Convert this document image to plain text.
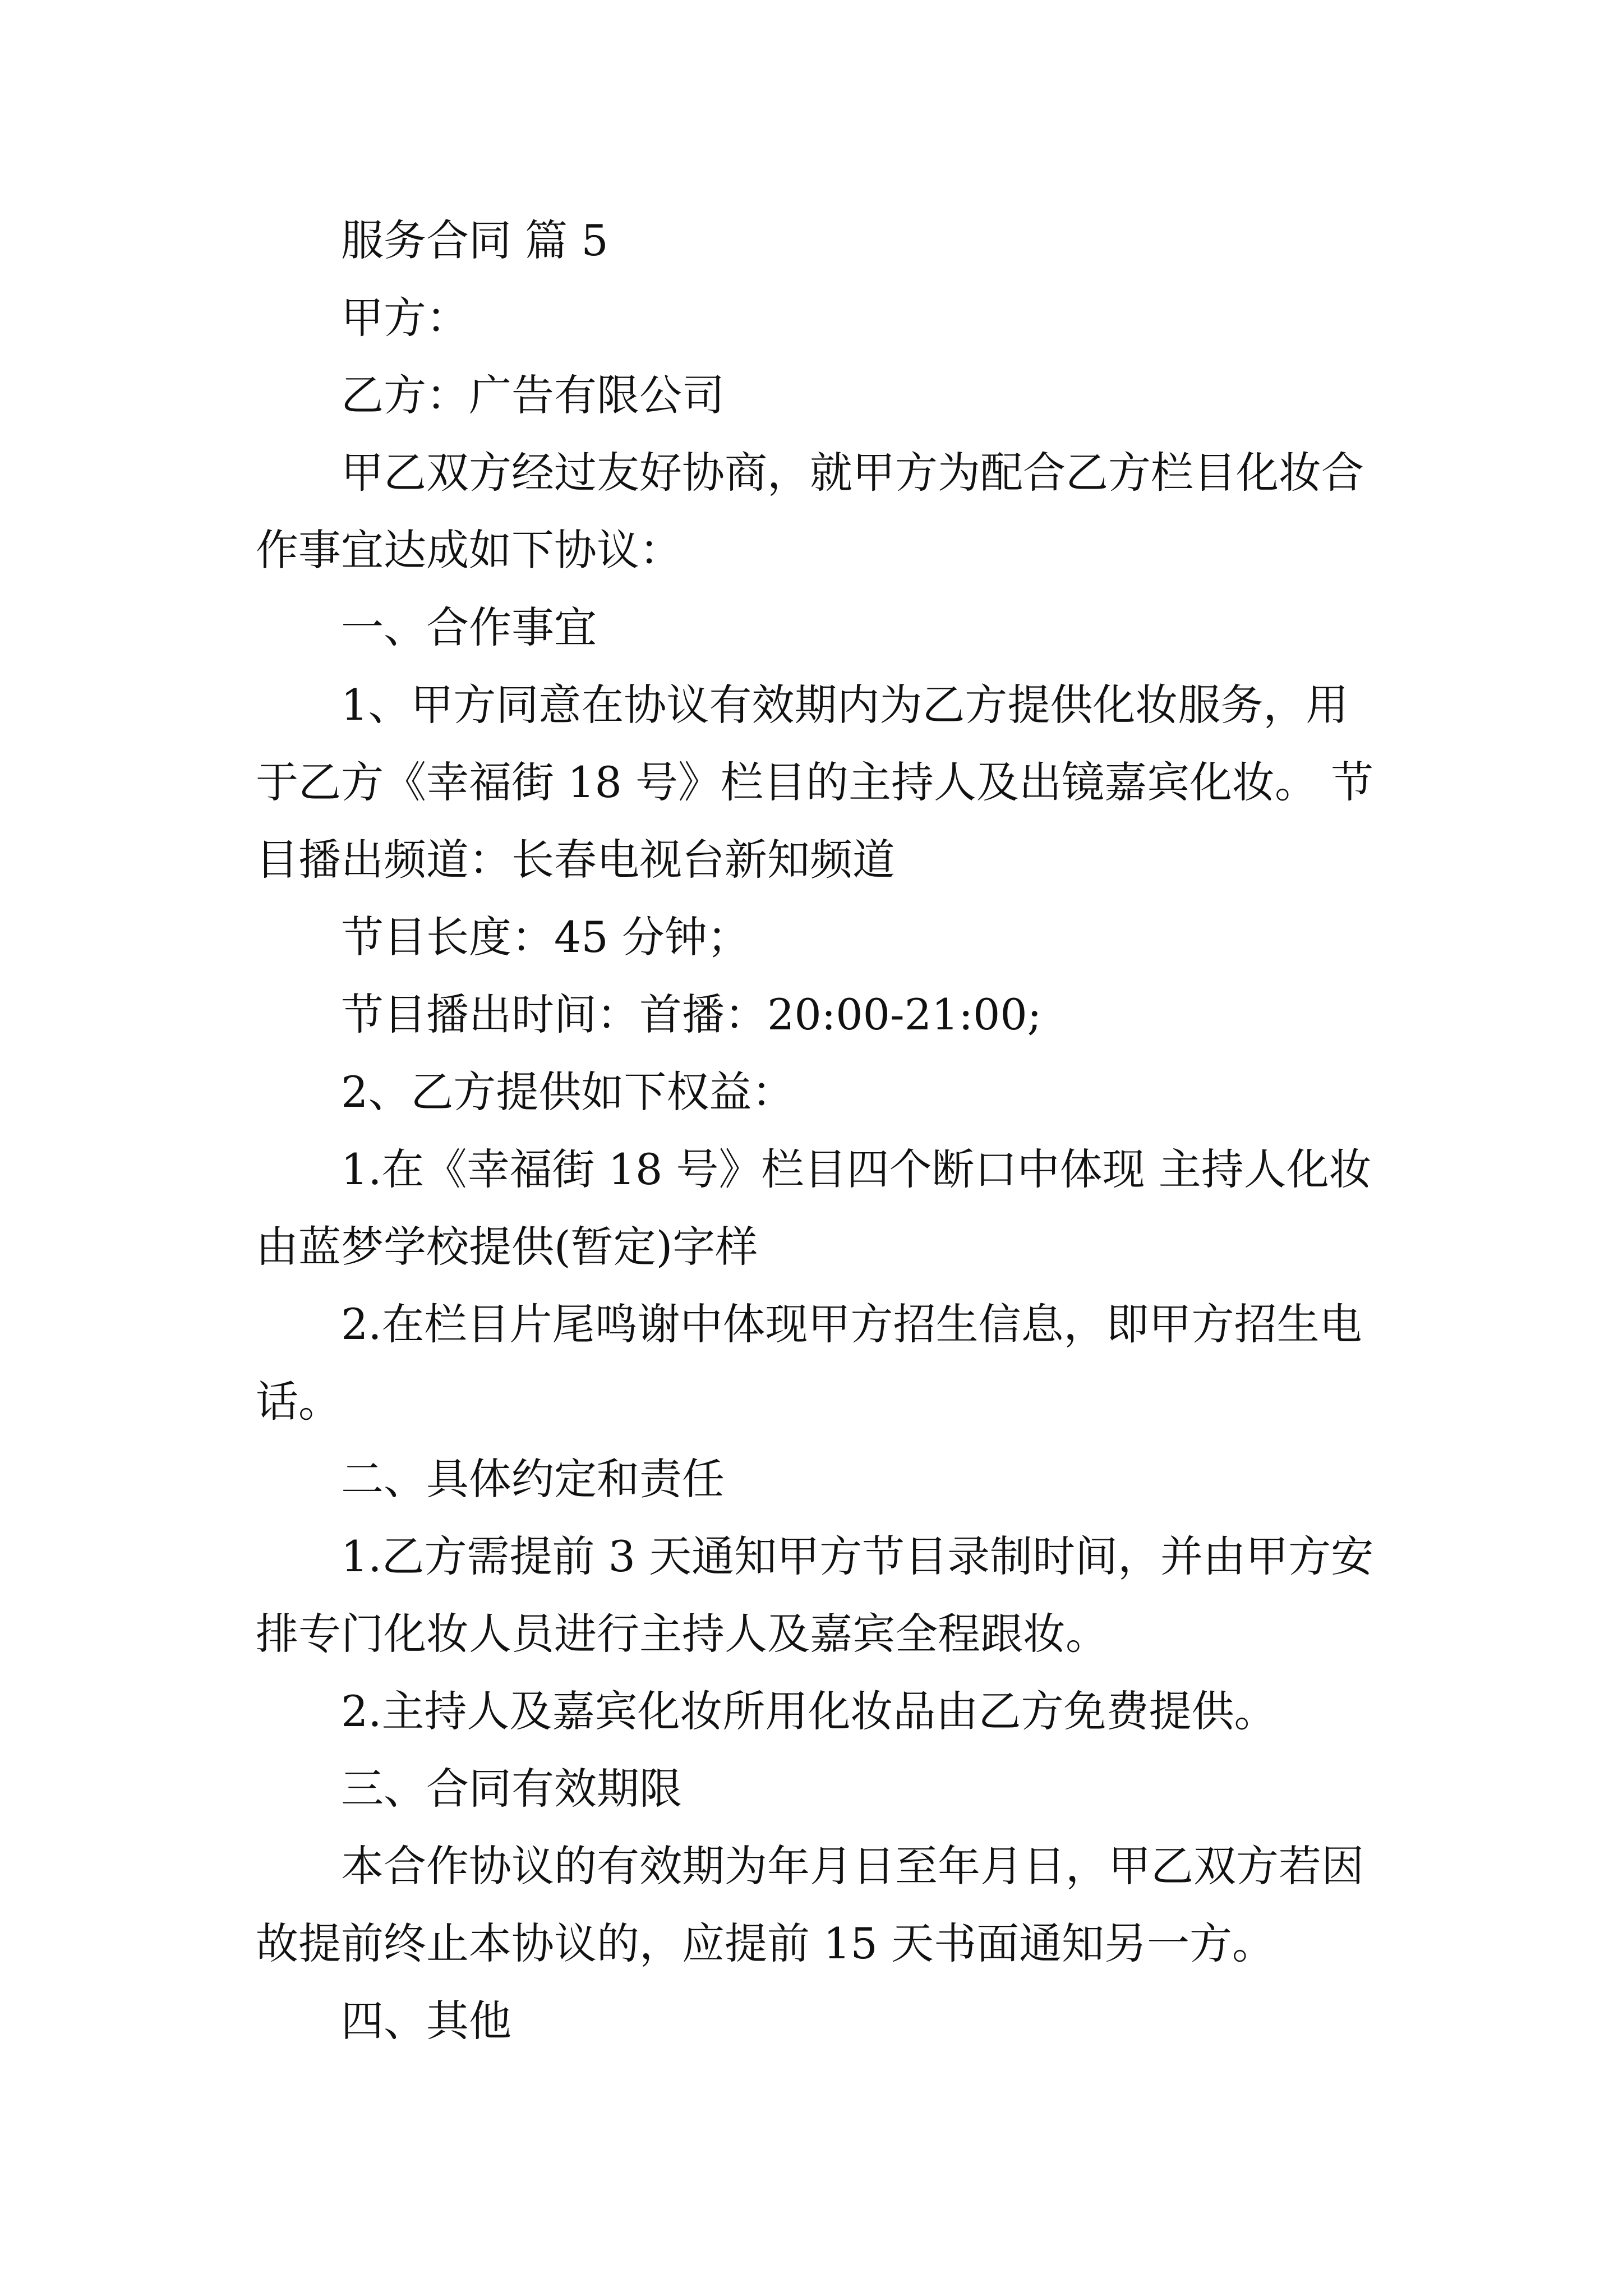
服务合同 篇 5
甲方：
乙方：广告有限公司
甲乙双方经过友好协商，就甲方为配合乙方栏目化妆合
作事宜达成如下协议：
一、合作事宜
1、甲方同意在协议有效期内为乙方提供化妆服务，用
于乙方《幸福街 18 号》栏目的主持人及出镜嘉宾化妆。 节
目播出频道：长春电视台新知频道
节目长度：45 分钟；
节目播出时间：首播：20:00-21:00;
2、乙方提供如下权益：
1.在《幸福街 18 号》栏目四个断口中体现 主持人化妆
由蓝梦学校提供(暂定)字样
2.在栏目片尾鸣谢中体现甲方招生信息，即甲方招生电
话。
二、具体约定和责任
1.乙方需提前 3 天通知甲方节目录制时间，并由甲方安
排专门化妆人员进行主持人及嘉宾全程跟妆。
2.主持人及嘉宾化妆所用化妆品由乙方免费提供。
三、合同有效期限
本合作协议的有效期为年月日至年月日，甲乙双方若因
故提前终止本协议的，应提前 15 天书面通知另一方。
四、其他
